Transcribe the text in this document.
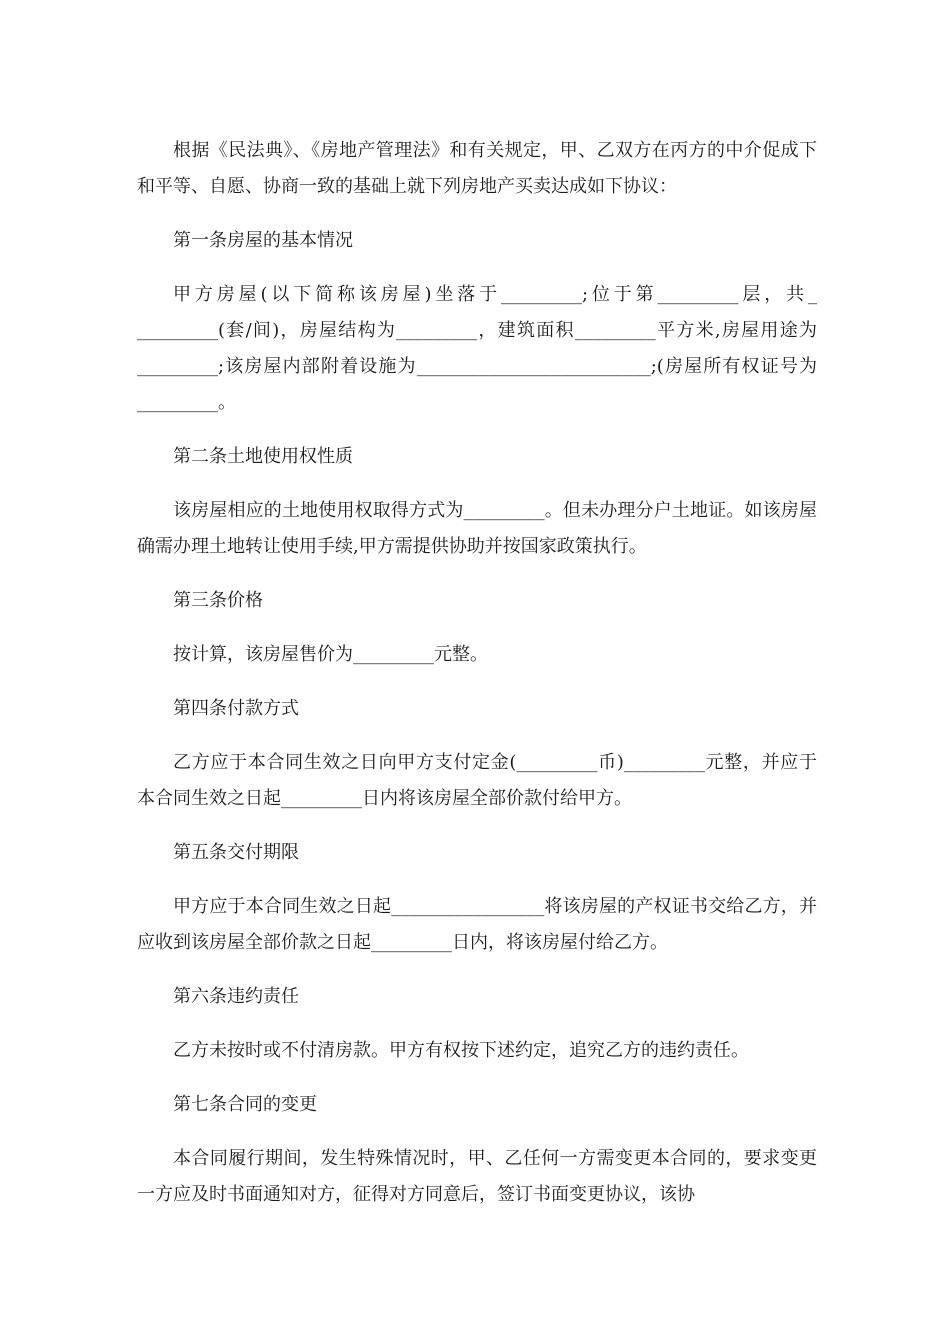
根据《民法典》、《房地产管理法》和有关规定，甲、乙双方在丙方的中介促成下和平等、自愿、协商一致的基础上就下列房地产买卖达成如下协议：

第一条房屋的基本情况

甲方房屋(以下简称该房屋)坐落于_________;位于第_________层，共_ _________(套/间)，房屋结构为_________，建筑面积_________平方米,房屋用途为_________;该房屋内部附着设施为__________________________;(房屋所有权证号为_________。

第二条土地使用权性质

该房屋相应的土地使用权取得方式为_________。但未办理分户土地证。如该房屋确需办理土地转让使用手续,甲方需提供协助并按国家政策执行。

第三条价格

按计算，该房屋售价为_________元整。

第四条付款方式

乙方应于本合同生效之日向甲方支付定金(_________币)_________元整，并应于本合同生效之日起_________日内将该房屋全部价款付给甲方。

第五条交付期限

甲方应于本合同生效之日起_________________将该房屋的产权证书交给乙方，并应收到该房屋全部价款之日起_________日内，将该房屋付给乙方。

第六条违约责任

乙方未按时或不付清房款。甲方有权按下述约定，追究乙方的违约责任。

第七条合同的变更

本合同履行期间，发生特殊情况时，甲、乙任何一方需变更本合同的，要求变更一方应及时书面通知对方，征得对方同意后，签订书面变更协议，该协
